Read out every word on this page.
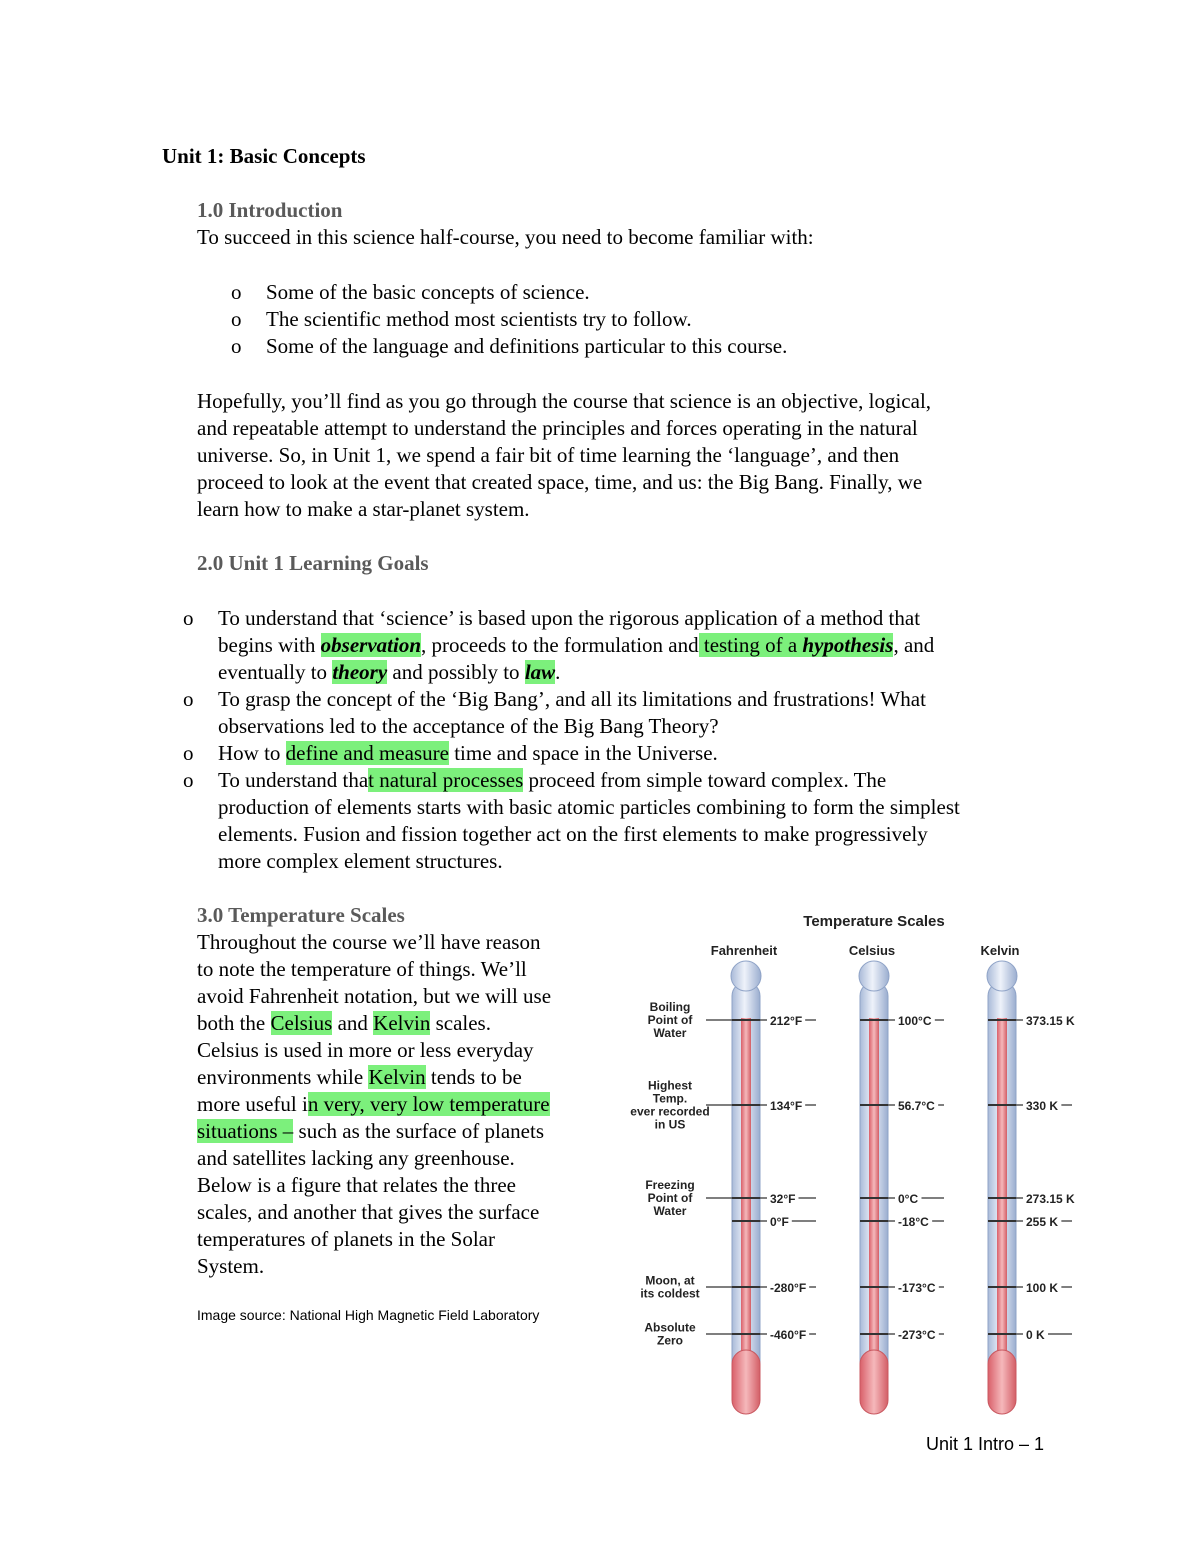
Unit 1: Basic Concepts
1.0 Introduction
To succeed in this science half-course, you need to become familiar with:
o Some of the basic concepts of science.
o The scientific method most scientists try to follow.
o Some of the language and definitions particular to this course.
Hopefully, you’ll find as you go through the course that science is an objective, logical,
and repeatable attempt to understand the principles and forces operating in the natural
universe. So, in Unit 1, we spend a fair bit of time learning the ‘language’, and then
proceed to look at the event that created space, time, and us: the Big Bang. Finally, we
learn how to make a star-planet system.
2.0 Unit 1 Learning Goals
o To understand that ‘science’ is based upon the rigorous application of a method that
begins with observation, proceeds to the formulation and testing of a hypothesis, and
eventually to theory and possibly to law.
o To grasp the concept of the ‘Big Bang’, and all its limitations and frustrations! What
observations led to the acceptance of the Big Bang Theory?
o How to define and measure time and space in the Universe.
o To understand that natural processes proceed from simple toward complex. The
production of elements starts with basic atomic particles combining to form the simplest
elements. Fusion and fission together act on the first elements to make progressively
more complex element structures.
3.0 Temperature Scales
Throughout the course we’ll have reason
to note the temperature of things. We’ll
avoid Fahrenheit notation, but we will use
both the Celsius and Kelvin scales.
Celsius is used in more or less everyday
environments while Kelvin tends to be
more useful in very, very low temperature
situations – such as the surface of planets
and satellites lacking any greenhouse.
Below is a figure that relates the three
scales, and another that gives the surface
temperatures of planets in the Solar
System.
Image source: National High Magnetic Field Laboratory
Temperature Scales
Fahrenheit	Celsius	Kelvin
212°F	100°C	373.15 K
Boiling
Point of
Water
134°F	56.7°C	330 K
Highest
Temp.
ever recorded
in US
32°F	0°C	273.15 K
Freezing
Point of
Water
0°F	-18°C	255 K
-280°F	-173°C	100 K
Moon, at
its coldest
-460°F	-273°C	0 K
Absolute
Zero
Unit 1 Intro – 1
